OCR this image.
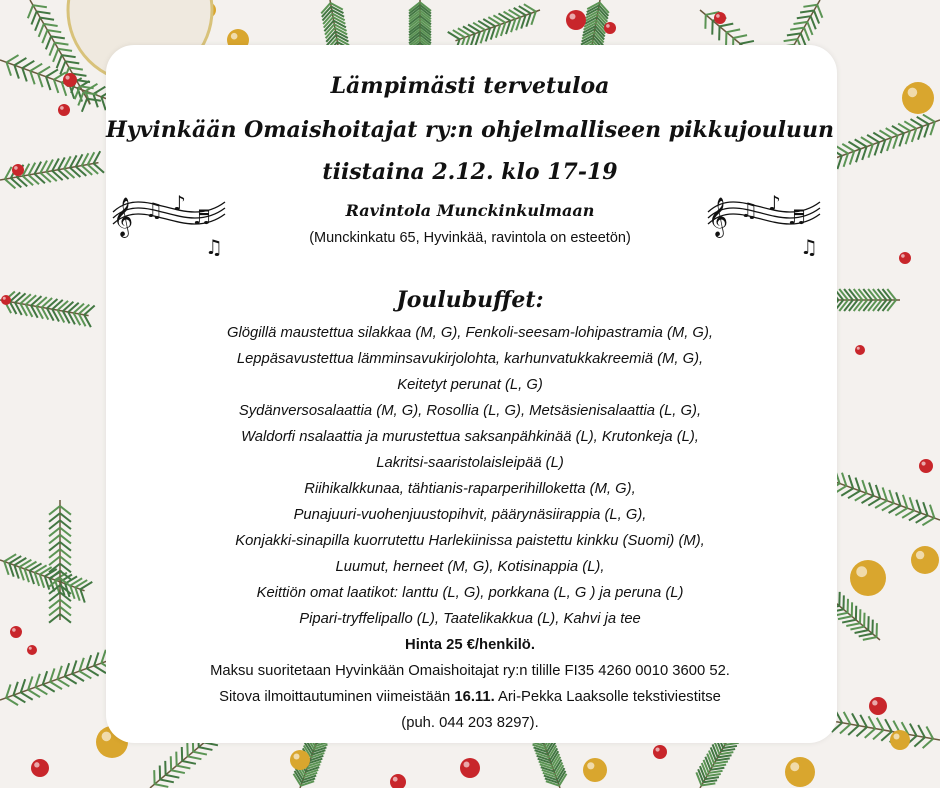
𝄞 ♫ ♪
♬
♫
𝄞 ♫ ♪
♬
♫
Lämpimästi tervetuloa
Hyvinkään Omaishoitajat ry:n ohjelmalliseen pikkujouluun
tiistaina 2.12. klo 17-19
Ravintola Munckinkulmaan
(Munckinkatu 65, Hyvinkää, ravintola on esteetön)
Joulubuffet:
Glögillä maustettua silakkaa (M, G), Fenkoli-seesam-lohipastramia (M, G),
Leppäsavustettua lämminsavukirjolohta, karhunvatukkakreemiä (M, G),
Keitetyt perunat (L, G)
Sydänversosalaattia (M, G), Rosollia (L, G), Metsäsienisalaattia (L, G),
Waldorfi nsalaattia ja murustettua saksanpähkinää (L), Krutonkeja (L),
Lakritsi-saaristolaisleipää (L)
Riihikalkkunaa, tähtianis-raparperihilloketta (M, G),
Punajuuri-vuohenjuustopihvit, päärynäsiirappia (L, G),
Konjakki-sinapilla kuorrutettu Harlekiinissa paistettu kinkku (Suomi) (M),
Luumut, herneet (M, G), Kotisinappia (L),
Keittiön omat laatikot: lanttu (L, G), porkkana (L, G ) ja peruna (L)
Pipari-tryffelipallo (L), Taatelikakkua (L), Kahvi ja tee
Hinta 25 €/henkilö.
Maksu suoritetaan Hyvinkään Omaishoitajat ry:n tilille FI35 4260 0010 3600 52.
Sitova ilmoittautuminen viimeistään 16.11. Ari-Pekka Laaksolle tekstiviestitse
(puh. 044 203 8297).
